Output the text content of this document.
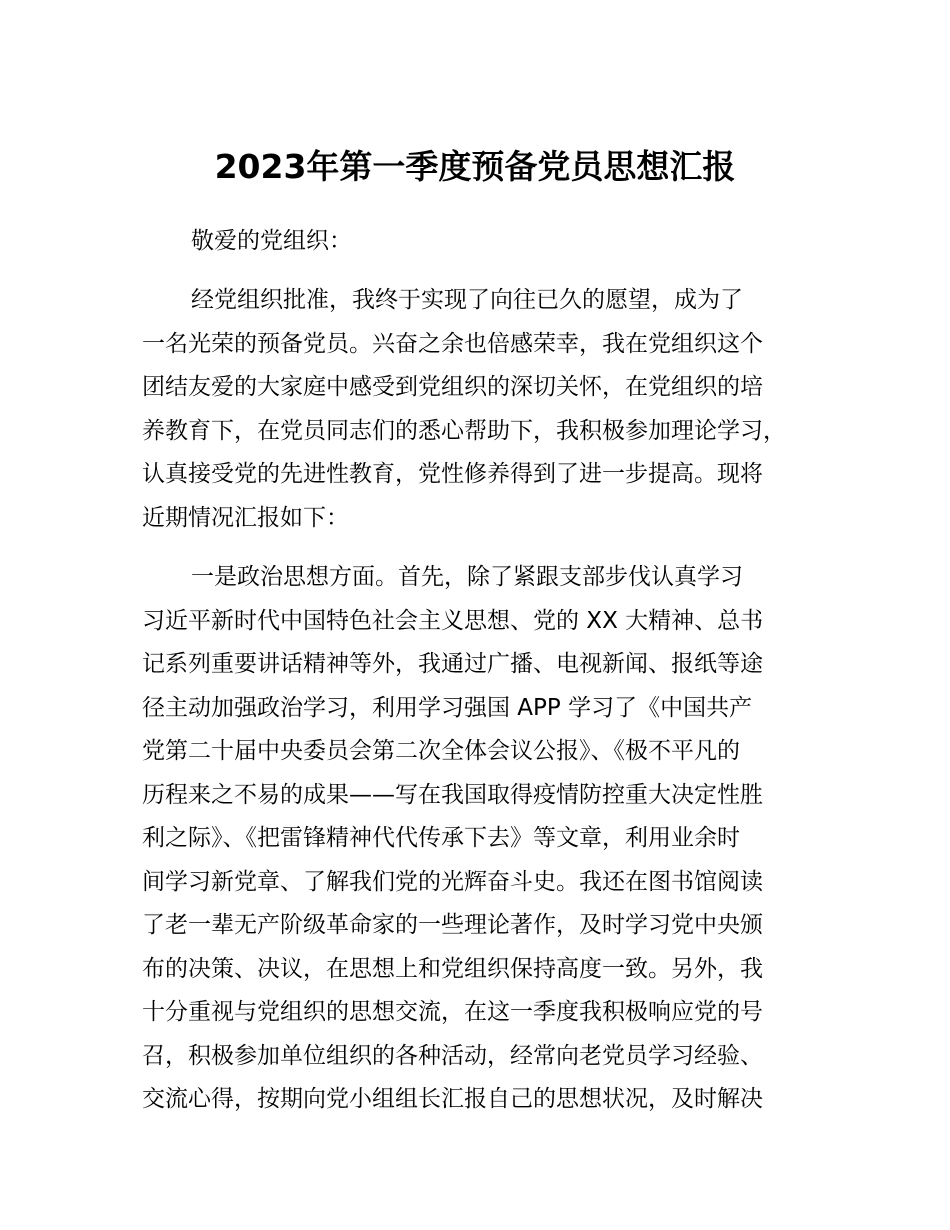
2023年第一季度预备党员思想汇报
敬爱的党组织：
经党组织批准，我终于实现了向往已久的愿望，成为了
一名光荣的预备党员。兴奋之余也倍感荣幸，我在党组织这个
团结友爱的大家庭中感受到党组织的深切关怀，在党组织的培
养教育下，在党员同志们的悉心帮助下，我积极参加理论学习，
认真接受党的先进性教育，党性修养得到了进一步提高。现将
近期情况汇报如下：
一是政治思想方面。首先，除了紧跟支部步伐认真学习
习近平新时代中国特色社会主义思想、党的 XX 大精神、总书
记系列重要讲话精神等外，我通过广播、电视新闻、报纸等途
径主动加强政治学习，利用学习强国 APP 学习了《中国共产
党第二十届中央委员会第二次全体会议公报》、《极不平凡的
历程来之不易的成果——写在我国取得疫情防控重大决定性胜
利之际》、《把雷锋精神代代传承下去》等文章，利用业余时
间学习新党章、了解我们党的光辉奋斗史。我还在图书馆阅读
了老一辈无产阶级革命家的一些理论著作，及时学习党中央颁
布的决策、决议，在思想上和党组织保持高度一致。另外，我
十分重视与党组织的思想交流，在这一季度我积极响应党的号
召，积极参加单位组织的各种活动，经常向老党员学习经验、
交流心得，按期向党小组组长汇报自己的思想状况，及时解决
